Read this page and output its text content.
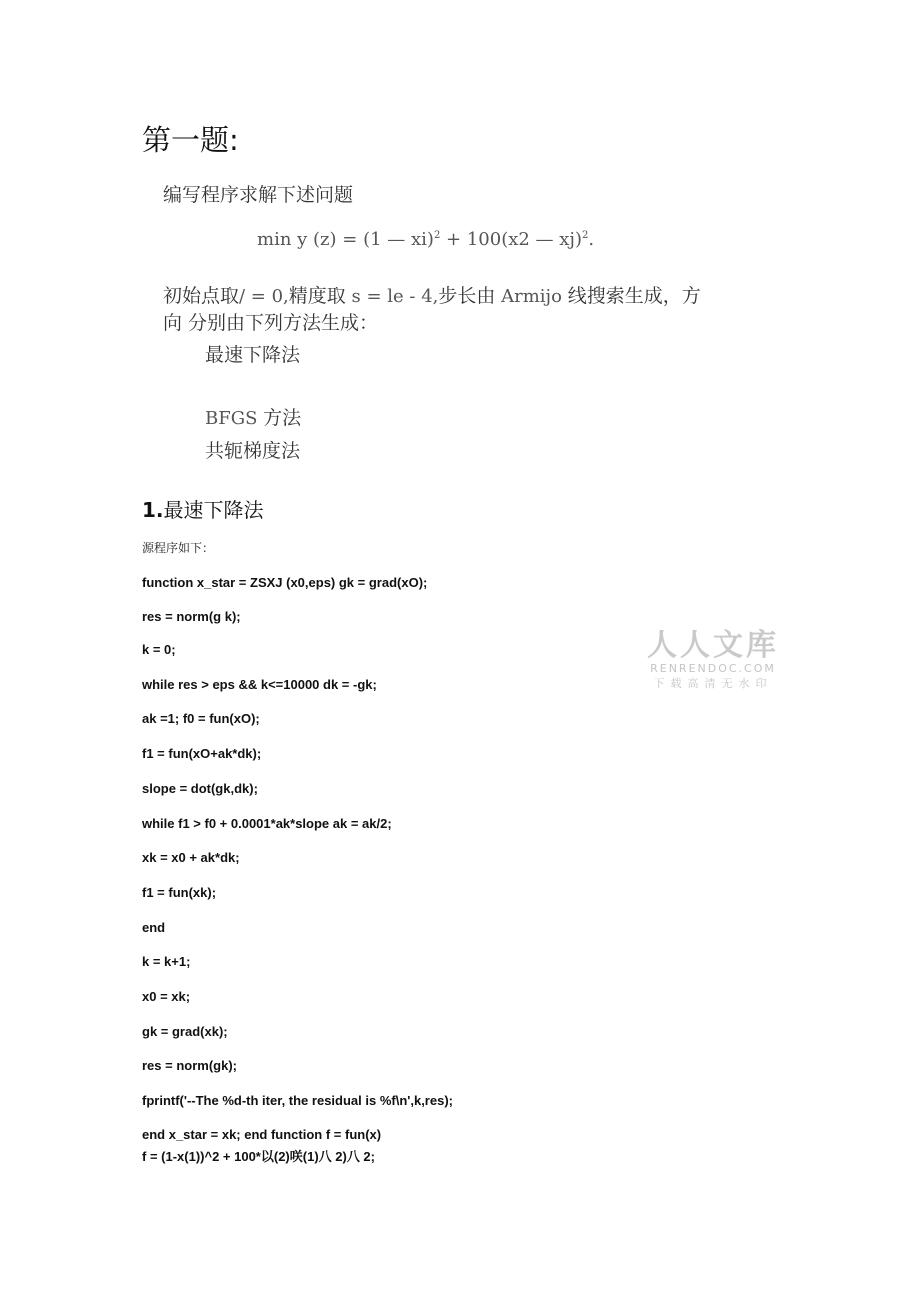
第一题:
编写程序求解下述问题
min y (z) = (1 — xi)$^2$ + 100(x2 — xj)$^2$.
初始点取/ = 0,精度取 s = le - 4,步长由 Armijo 线搜索生成，方
向 分别由下列方法生成：
最速下降法
BFGS 方法
共轭梯度法
1.最速下降法
源程序如下：
function x_star = ZSXJ (x0,eps) gk = grad(xO);
res = norm(g k);
k = 0;
while res > eps && k<=10000 dk = -gk;
ak =1; f0 = fun(xO);
f1 = fun(xO+ak*dk);
slope = dot(gk,dk);
while f1 > f0 + 0.0001*ak*slope ak = ak/2;
xk = x0 + ak*dk;
f1 = fun(xk);
end
k = k+1;
x0 = xk;
gk = grad(xk);
res = norm(gk);
fprintf('--The %d-th iter, the residual is %f\n',k,res);
end x_star = xk; end function f = fun(x)
f = (1-x(1))^2 + 100*以(2)咲(1)八 2)八 2;
人人文库
RENRENDOC.COM
下载高清无水印
